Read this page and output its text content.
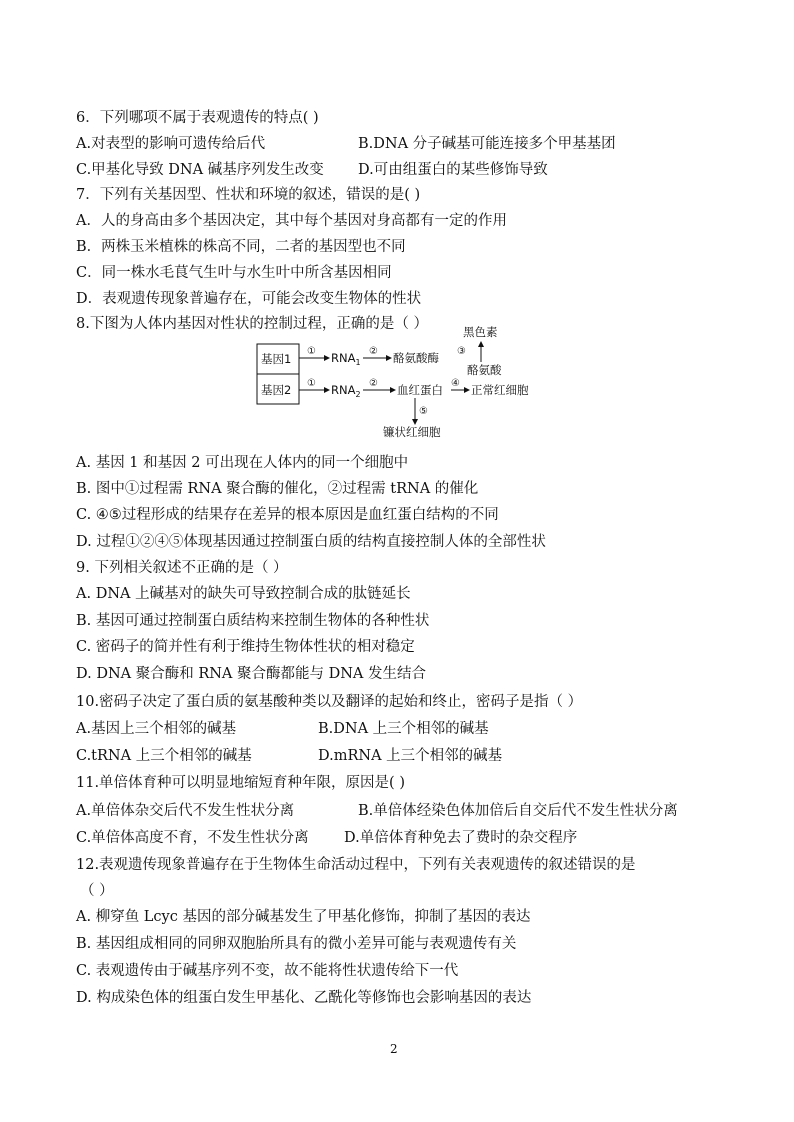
6．下列哪项不属于表观遗传的特点( )
A.对表型的影响可遗传给后代	B.DNA 分子碱基可能连接多个甲基基团
C.甲基化导致 DNA 碱基序列发生改变 D.可由组蛋白的某些修饰导致
7．下列有关基因型、性状和环境的叙述，错误的是( )
A．人的身高由多个基因决定，其中每个基因对身高都有一定的作用
B．两株玉米植株的株高不同，二者的基因型也不同
C．同一株水毛茛气生叶与水生叶中所含基因相同
D．表观遗传现象普遍存在，可能会改变生物体的性状
8.下图为人体内基因对性状的控制过程，正确的是（ ）
基因1
基因2
① $RNA_1$
② 酪氨酸酶 ③
黑色素
酪氨酸
① $RNA_2$
② 血红蛋白 ④ 正常红细胞
⑤
镰状红细胞
A. 基因 1 和基因 2 可出现在人体内的同一个细胞中
B. 图中①过程需 RNA 聚合酶的催化，②过程需 tRNA 的催化
C. ④⑤过程形成的结果存在差异的根本原因是血红蛋白结构的不同
D. 过程①②④⑤体现基因通过控制蛋白质的结构直接控制人体的全部性状
9. 下列相关叙述不正确的是（ ）
A. DNA 上碱基对的缺失可导致控制合成的肽链延长
B. 基因可通过控制蛋白质结构来控制生物体的各种性状
C. 密码子的简并性有利于维持生物体性状的相对稳定
D. DNA 聚合酶和 RNA 聚合酶都能与 DNA 发生结合
10.密码子决定了蛋白质的氨基酸种类以及翻译的起始和终止，密码子是指（ ）
A.基因上三个相邻的碱基	B.DNA 上三个相邻的碱基
C.tRNA 上三个相邻的碱基	D.mRNA 上三个相邻的碱基
11.单倍体育种可以明显地缩短育种年限，原因是( )
A.单倍体杂交后代不发生性状分离	B.单倍体经染色体加倍后自交后代不发生性状分离
C.单倍体高度不育，不发生性状分离 D.单倍体育种免去了费时的杂交程序
12.表观遗传现象普遍存在于生物体生命活动过程中，下列有关表观遗传的叙述错误的是
（ ）
A. 柳穿鱼 Lcyc 基因的部分碱基发生了甲基化修饰，抑制了基因的表达
B. 基因组成相同的同卵双胞胎所具有的微小差异可能与表观遗传有关
C. 表观遗传由于碱基序列不变，故不能将性状遗传给下一代
D. 构成染色体的组蛋白发生甲基化、乙酰化等修饰也会影响基因的表达
2
